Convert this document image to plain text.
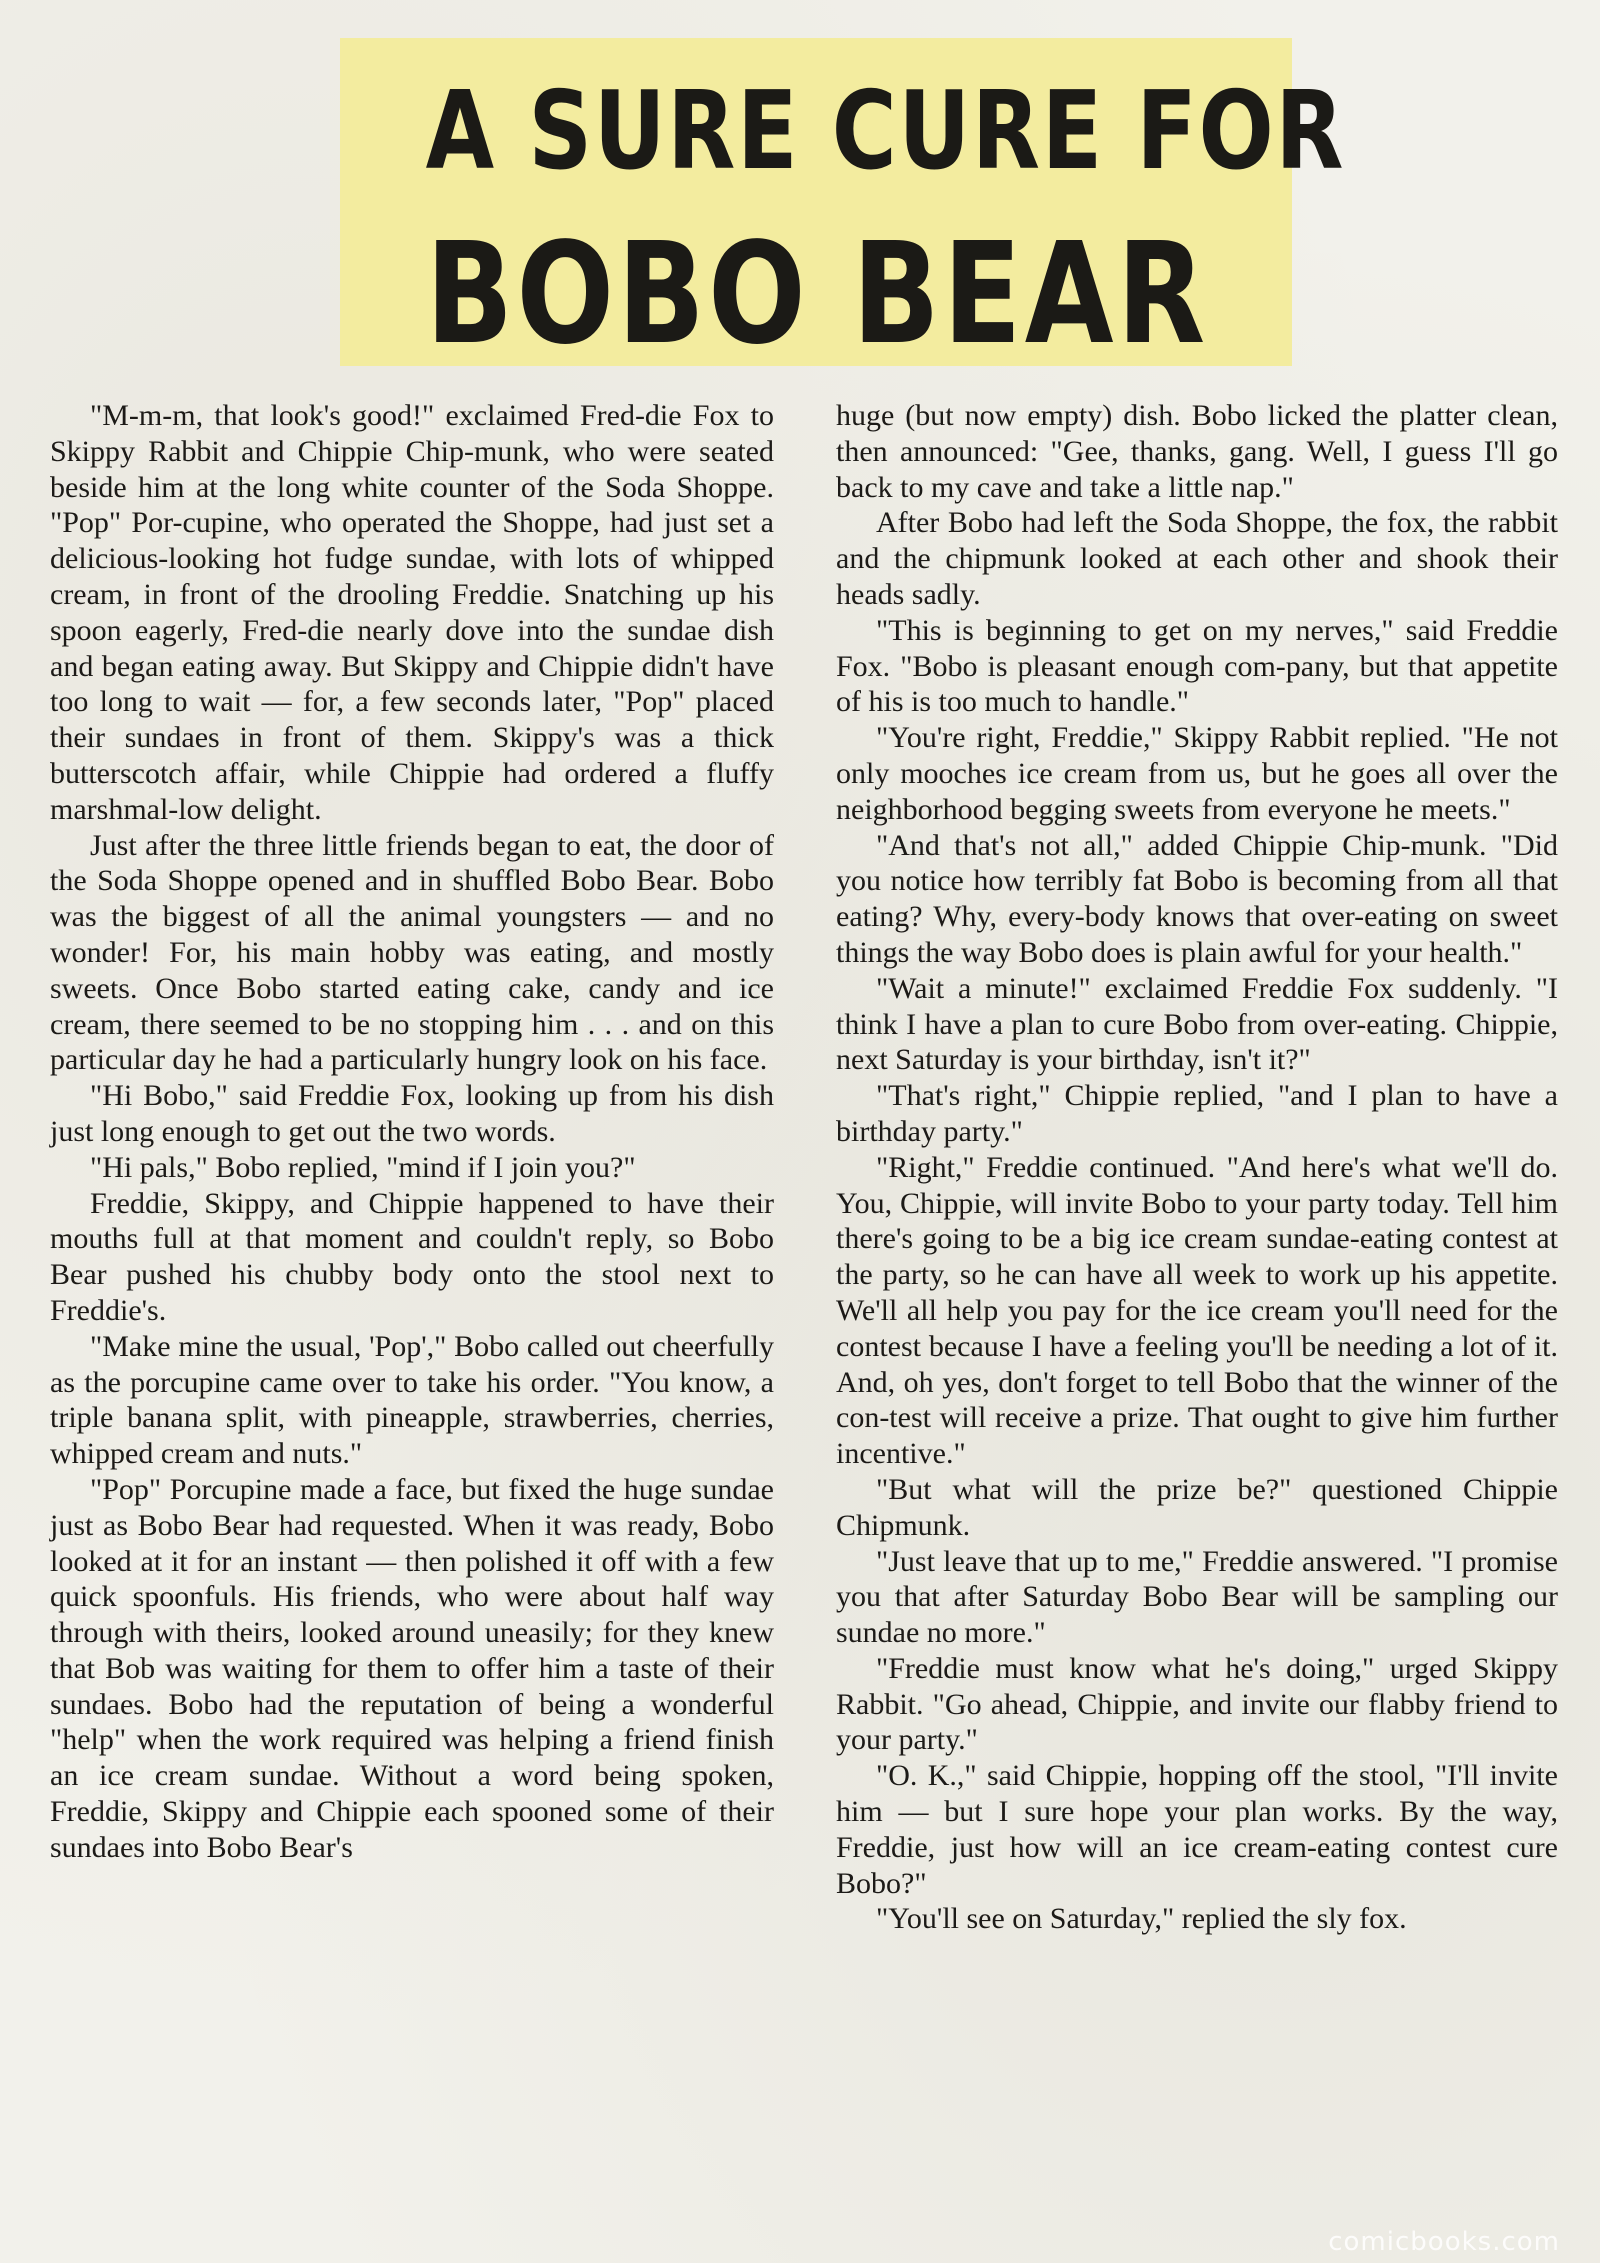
A SURE CURE FOR
BOBO BEAR

"M-m-m, that look's good!" exclaimed Fred-die Fox to Skippy Rabbit and Chippie Chip-munk, who were seated beside him at the long white counter of the Soda Shoppe. "Pop" Por-cupine, who operated the Shoppe, had just set a delicious-looking hot fudge sundae, with lots of whipped cream, in front of the drooling Freddie. Snatching up his spoon eagerly, Fred-die nearly dove into the sundae dish and began eating away. But Skippy and Chippie didn't have too long to wait — for, a few seconds later, "Pop" placed their sundaes in front of them. Skippy's was a thick butterscotch affair, while Chippie had ordered a fluffy marshmal-low delight.

Just after the three little friends began to eat, the door of the Soda Shoppe opened and in shuffled Bobo Bear. Bobo was the biggest of all the animal youngsters — and no wonder! For, his main hobby was eating, and mostly sweets. Once Bobo started eating cake, candy and ice cream, there seemed to be no stopping him . . . and on this particular day he had a particularly hungry look on his face.

"Hi Bobo," said Freddie Fox, looking up from his dish just long enough to get out the two words.

"Hi pals," Bobo replied, "mind if I join you?"

Freddie, Skippy, and Chippie happened to have their mouths full at that moment and couldn't reply, so Bobo Bear pushed his chubby body onto the stool next to Freddie's.

"Make mine the usual, 'Pop'," Bobo called out cheerfully as the porcupine came over to take his order. "You know, a triple banana split, with pineapple, strawberries, cherries, whipped cream and nuts."

"Pop" Porcupine made a face, but fixed the huge sundae just as Bobo Bear had requested. When it was ready, Bobo looked at it for an instant — then polished it off with a few quick spoonfuls. His friends, who were about half way through with theirs, looked around uneasily; for they knew that Bob was waiting for them to offer him a taste of their sundaes. Bobo had the reputation of being a wonderful "help" when the work required was helping a friend finish an ice cream sundae. Without a word being spoken, Freddie, Skippy and Chippie each spooned some of their sundaes into Bobo Bear's

huge (but now empty) dish. Bobo licked the platter clean, then announced: "Gee, thanks, gang. Well, I guess I'll go back to my cave and take a little nap."

After Bobo had left the Soda Shoppe, the fox, the rabbit and the chipmunk looked at each other and shook their heads sadly.

"This is beginning to get on my nerves," said Freddie Fox. "Bobo is pleasant enough com-pany, but that appetite of his is too much to handle."

"You're right, Freddie," Skippy Rabbit replied. "He not only mooches ice cream from us, but he goes all over the neighborhood begging sweets from everyone he meets."

"And that's not all," added Chippie Chip-munk. "Did you notice how terribly fat Bobo is becoming from all that eating? Why, every-body knows that over-eating on sweet things the way Bobo does is plain awful for your health."

"Wait a minute!" exclaimed Freddie Fox suddenly. "I think I have a plan to cure Bobo from over-eating. Chippie, next Saturday is your birthday, isn't it?"

"That's right," Chippie replied, "and I plan to have a birthday party."

"Right," Freddie continued. "And here's what we'll do. You, Chippie, will invite Bobo to your party today. Tell him there's going to be a big ice cream sundae-eating contest at the party, so he can have all week to work up his appetite. We'll all help you pay for the ice cream you'll need for the contest because I have a feeling you'll be needing a lot of it. And, oh yes, don't forget to tell Bobo that the winner of the con-test will receive a prize. That ought to give him further incentive."

"But what will the prize be?" questioned Chippie Chipmunk.

"Just leave that up to me," Freddie answered. "I promise you that after Saturday Bobo Bear will be sampling our sundae no more."

"Freddie must know what he's doing," urged Skippy Rabbit. "Go ahead, Chippie, and invite our flabby friend to your party."

"O. K.," said Chippie, hopping off the stool, "I'll invite him — but I sure hope your plan works. By the way, Freddie, just how will an ice cream-eating contest cure Bobo?"

"You'll see on Saturday," replied the sly fox.

comicbooks.com
